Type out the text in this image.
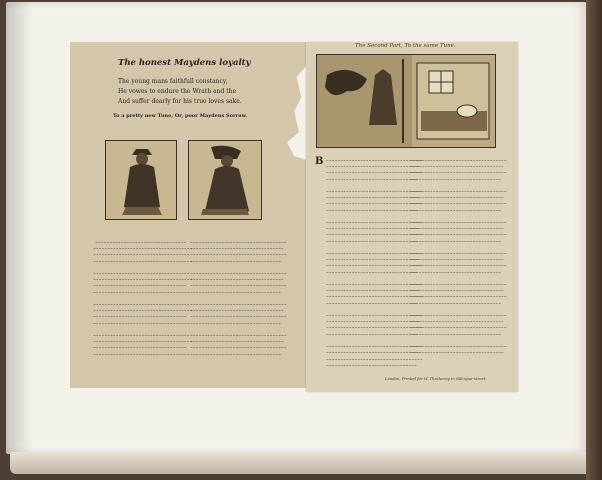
The honest Maydens loyalty
The young mans faithfull constancy,
He vowes to endure the Wrath and the
And suffer dearly for his true loves sake.
To a pretty new Tune, Or, poor Maydens Sorrow.
~~~~~~~~~~~~~~~~~~~~~~~~~~~~~~~~
~~~~~~~~~~~~~~~~~~~~~~~~~~~~~~~~~~~
~~~~~~~~~~~~~~~~~~~~~~~~~~~~~~~~~~
~~~~~~~~~~~~~~~~~~~~~~~~~~~~~~~~~~~

~~~~~~~~~~~~~~~~~~~~~~~~~~~~~~~~~~
~~~~~~~~~~~~~~~~~~~~~~~~~~~~~~~~~~~
~~~~~~~~~~~~~~~~~~~~~~~~~~~~~~~~~
~~~~~~~~~~~~~~~~~~~~~~~~~~~~~~~~~~

~~~~~~~~~~~~~~~~~~~~~~~~~~~~~~~~~~
~~~~~~~~~~~~~~~~~~~~~~~~~~~~~~~~~~~
~~~~~~~~~~~~~~~~~~~~~~~~~~~~~~~~~
~~~~~~~~~~~~~~~~~~~~~~~~~~~~~~~~~~

~~~~~~~~~~~~~~~~~~~~~~~~~~~~~~~~~~
~~~~~~~~~~~~~~~~~~~~~~~~~~~~~~~~~~~
~~~~~~~~~~~~~~~~~~~~~~~~~~~~~~~~~
~~~~~~~~~~~~~~~~~~~~~~~~~~~~~~~~~~
~~~~~~~~~~~~~~~~~~~~~~~~~~~~~~~~~~
~~~~~~~~~~~~~~~~~~~~~~~~~~~~~~~~~
~~~~~~~~~~~~~~~~~~~~~~~~~~~~~~~~~~
~~~~~~~~~~~~~~~~~~~~~~~~~~~~~~~~

~~~~~~~~~~~~~~~~~~~~~~~~~~~~~~~~~~
~~~~~~~~~~~~~~~~~~~~~~~~~~~~~~~~~
~~~~~~~~~~~~~~~~~~~~~~~~~~~~~~~~~~
~~~~~~~~~~~~~~~~~~~~~~~~~~~~~~~~

~~~~~~~~~~~~~~~~~~~~~~~~~~~~~~~~~~
~~~~~~~~~~~~~~~~~~~~~~~~~~~~~~~~~
~~~~~~~~~~~~~~~~~~~~~~~~~~~~~~~~~~
~~~~~~~~~~~~~~~~~~~~~~~~~~~~~~~~

~~~~~~~~~~~~~~~~~~~~~~~~~~~~~~~~~~
~~~~~~~~~~~~~~~~~~~~~~~~~~~~~~~~~
~~~~~~~~~~~~~~~~~~~~~~~~~~~~~~~~~~
~~~~~~~~~~~~~~~~~~~~~~~~~~~~~~~~
The Second Part, To the same Tune.
B ~~~~~~~~~~~~~~~~~~~~~~~~~~~~~~~~~~
~~~~~~~~~~~~~~~~~~~~~~~~~~~~~~~~~
~~~~~~~~~~~~~~~~~~~~~~~~~~~~~~~~~~
~~~~~~~~~~~~~~~~~~~~~~~~~~~~~~~~

~~~~~~~~~~~~~~~~~~~~~~~~~~~~~~~~~~
~~~~~~~~~~~~~~~~~~~~~~~~~~~~~~~~~
~~~~~~~~~~~~~~~~~~~~~~~~~~~~~~~~~~
~~~~~~~~~~~~~~~~~~~~~~~~~~~~~~~~

~~~~~~~~~~~~~~~~~~~~~~~~~~~~~~~~~~
~~~~~~~~~~~~~~~~~~~~~~~~~~~~~~~~~
~~~~~~~~~~~~~~~~~~~~~~~~~~~~~~~~~~
~~~~~~~~~~~~~~~~~~~~~~~~~~~~~~~~

~~~~~~~~~~~~~~~~~~~~~~~~~~~~~~~~~~
~~~~~~~~~~~~~~~~~~~~~~~~~~~~~~~~~
~~~~~~~~~~~~~~~~~~~~~~~~~~~~~~~~~~
~~~~~~~~~~~~~~~~~~~~~~~~~~~~~~~~

~~~~~~~~~~~~~~~~~~~~~~~~~~~~~~~~~~
~~~~~~~~~~~~~~~~~~~~~~~~~~~~~~~~~
~~~~~~~~~~~~~~~~~~~~~~~~~~~~~~~~~~
~~~~~~~~~~~~~~~~~~~~~~~~~~~~~~~~

~~~~~~~~~~~~~~~~~~~~~~~~~~~~~~~~~~
~~~~~~~~~~~~~~~~~~~~~~~~~~~~~~~~~
~~~~~~~~~~~~~~~~~~~~~~~~~~~~~~~~~~
~~~~~~~~~~~~~~~~~~~~~~~~~~~~~~~~

~~~~~~~~~~~~~~~~~~~~~~~~~~~~~~~~~~
~~~~~~~~~~~~~~~~~~~~~~~~~~~~~~~~~
~~~~~~~~~~~~~~~~~~~~~~~~~~~~~~~~~~
~~~~~~~~~~~~~~~~~~~~~~~~~~~~~~~~
~~~~~~~~~~~~~~~~~~~~~~~~~~~~~~~~~~
~~~~~~~~~~~~~~~~~~~~~~~~~~~~~~~~~
~~~~~~~~~~~~~~~~~~~~~~~~~~~~~~~~~~
~~~~~~~~~~~~~~~~~~~~~~~~~~~~~~~~

~~~~~~~~~~~~~~~~~~~~~~~~~~~~~~~~~~
~~~~~~~~~~~~~~~~~~~~~~~~~~~~~~~~~
~~~~~~~~~~~~~~~~~~~~~~~~~~~~~~~~~~
~~~~~~~~~~~~~~~~~~~~~~~~~~~~~~~~

~~~~~~~~~~~~~~~~~~~~~~~~~~~~~~~~~~
~~~~~~~~~~~~~~~~~~~~~~~~~~~~~~~~~
~~~~~~~~~~~~~~~~~~~~~~~~~~~~~~~~~~
~~~~~~~~~~~~~~~~~~~~~~~~~~~~~~~~

~~~~~~~~~~~~~~~~~~~~~~~~~~~~~~~~~~
~~~~~~~~~~~~~~~~~~~~~~~~~~~~~~~~~
~~~~~~~~~~~~~~~~~~~~~~~~~~~~~~~~~~
~~~~~~~~~~~~~~~~~~~~~~~~~~~~~~~~

~~~~~~~~~~~~~~~~~~~~~~~~~~~~~~~~~~
~~~~~~~~~~~~~~~~~~~~~~~~~~~~~~~~~
~~~~~~~~~~~~~~~~~~~~~~~~~~~~~~~~~~
~~~~~~~~~~~~~~~~~~~~~~~~~~~~~~~~

~~~~~~~~~~~~~~~~~~~~~~~~~~~~~~~~~~
~~~~~~~~~~~~~~~~~~~~~~~~~~~~~~~~~
~~~~~~~~~~~~~~~~~~~~~~~~~~~~~~~~~~
~~~~~~~~~~~~~~~~~~~~~~~~~~~~~~~~

~~~~~~~~~~~~~~~~~~~~~~~~~~~~~~~~~~
~~~~~~~~~~~~~~~~~~~~~~~~~~~~~~~~~
London, Printed for W. Thackeray in Gilt-spur-street.
